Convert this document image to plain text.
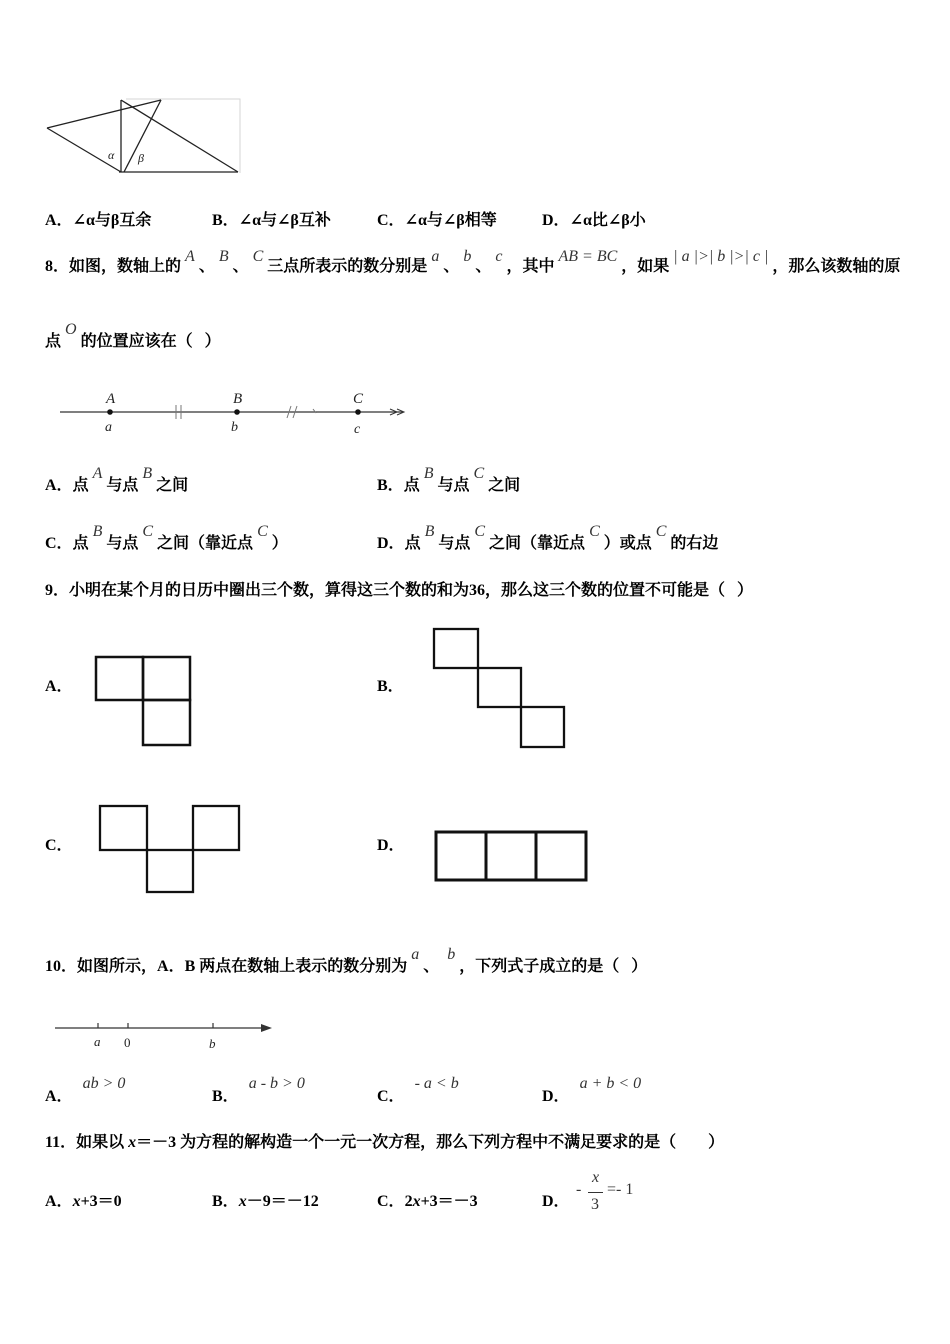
α β
A． ∠α与β互余	B． ∠α与∠β互补	C． ∠α与∠β相等	D． ∠α比∠β小
8． 如图，数轴上的
A
、
B
、
C
三点所表示的数分别是
a
、
b
、
c
，其中
AB = BC
，如果
| a |>| b |>| c |
，那么该数轴的原
点
O
的位置应该在（   ）
A	B	C
a	b	c
A． 点
A
与点
B
之间	B． 点
B
与点
C
之间
C． 点
B
与点
C
之间（靠近点
C
）	D． 点
B
与点
C
之间（靠近点
C
）或点
C
的右边
9． 小明在某个月的日历中圈出三个数，算得这三个数的和为36，那么这三个数的位置不可能是（   ）
A．	B．
C．	D．
10． 如图所示，A．B 两点在数轴上表示的数分别为
a
、
b
，下列式子成立的是（   ）
a 0	b
A．
ab > 0
B．
a - b > 0
C．
- a < b
D．
a + b < 0
11． 如果以 x ＝－3 为方程的解构造一个一元一次方程，那么下列方程中不满足要求的是（　　）
A． x +3＝0	B． x －9＝－12	C． 2 x +3＝－3	D．
-
x
3
=- 1
